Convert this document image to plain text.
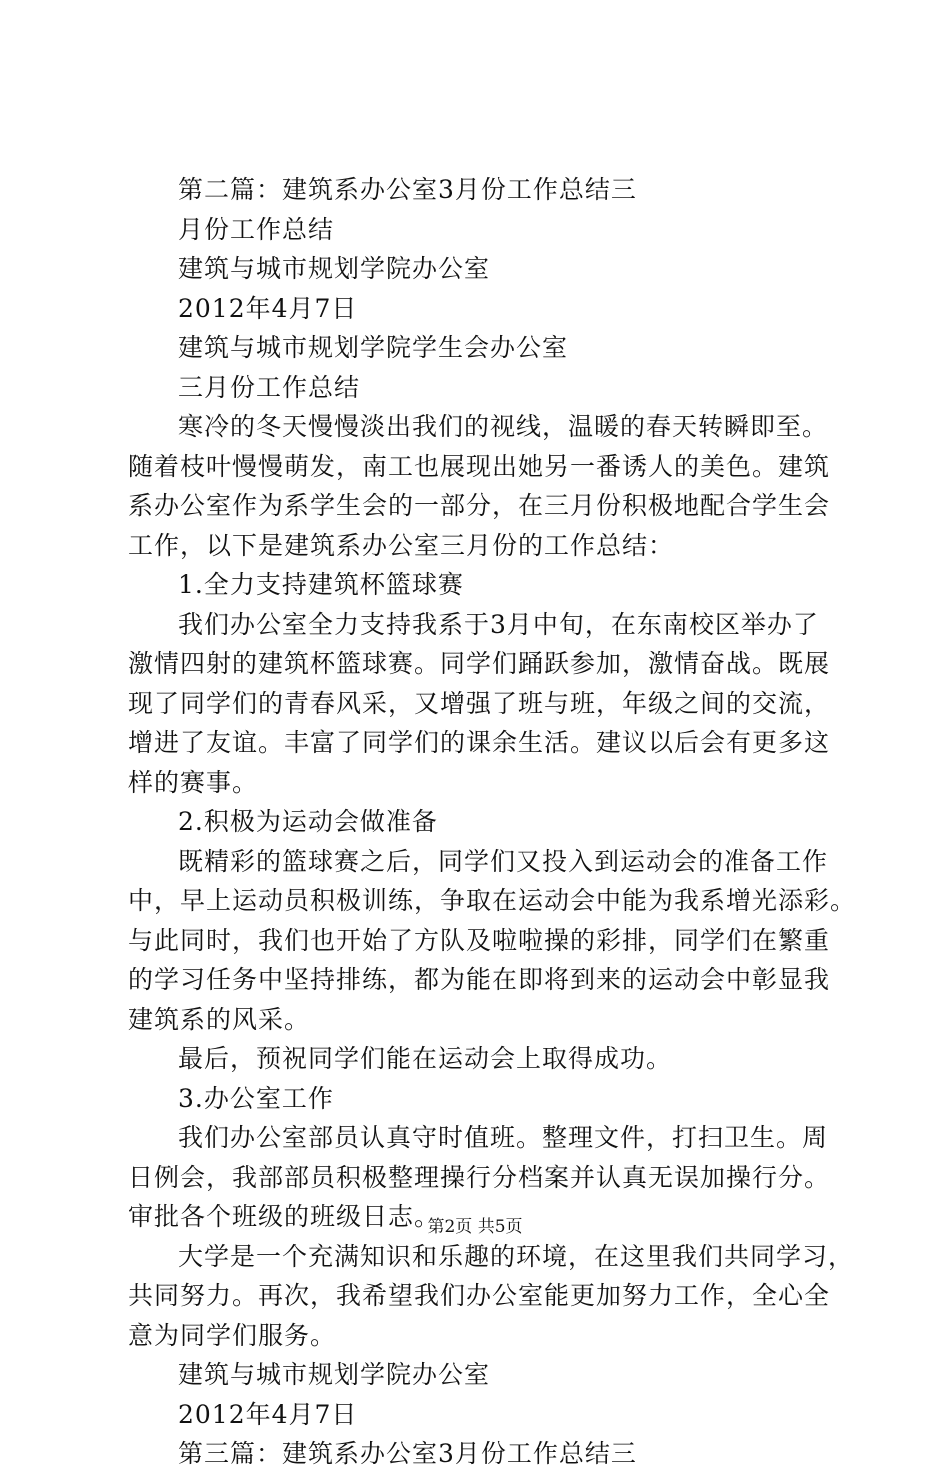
第二篇：建筑系办公室3月份工作总结三
月份工作总结
建筑与城市规划学院办公室
2012年4月7日
建筑与城市规划学院学生会办公室
三月份工作总结
寒冷的冬天慢慢淡出我们的视线，温暖的春天转瞬即至。
随着枝叶慢慢萌发，南工也展现出她另一番诱人的美色。建筑
系办公室作为系学生会的一部分，在三月份积极地配合学生会
工作，以下是建筑系办公室三月份的工作总结：
1.全力支持建筑杯篮球赛
我们办公室全力支持我系于3月中旬，在东南校区举办了
激情四射的建筑杯篮球赛。同学们踊跃参加，激情奋战。既展
现了同学们的青春风采，又增强了班与班，年级之间的交流，
增进了友谊。丰富了同学们的课余生活。建议以后会有更多这
样的赛事。
2.积极为运动会做准备
既精彩的篮球赛之后，同学们又投入到运动会的准备工作
中，早上运动员积极训练，争取在运动会中能为我系增光添彩。
与此同时，我们也开始了方队及啦啦操的彩排，同学们在繁重
的学习任务中坚持排练，都为能在即将到来的运动会中彰显我
建筑系的风采。
最后，预祝同学们能在运动会上取得成功。
3.办公室工作
我们办公室部员认真守时值班。整理文件，打扫卫生。周
日例会，我部部员积极整理操行分档案并认真无误加操行分。
审批各个班级的班级日志。
大学是一个充满知识和乐趣的环境，在这里我们共同学习，
共同努力。再次，我希望我们办公室能更加努力工作，全心全
意为同学们服务。
建筑与城市规划学院办公室
2012年4月7日
第三篇：建筑系办公室3月份工作总结三
第2页 共5页
